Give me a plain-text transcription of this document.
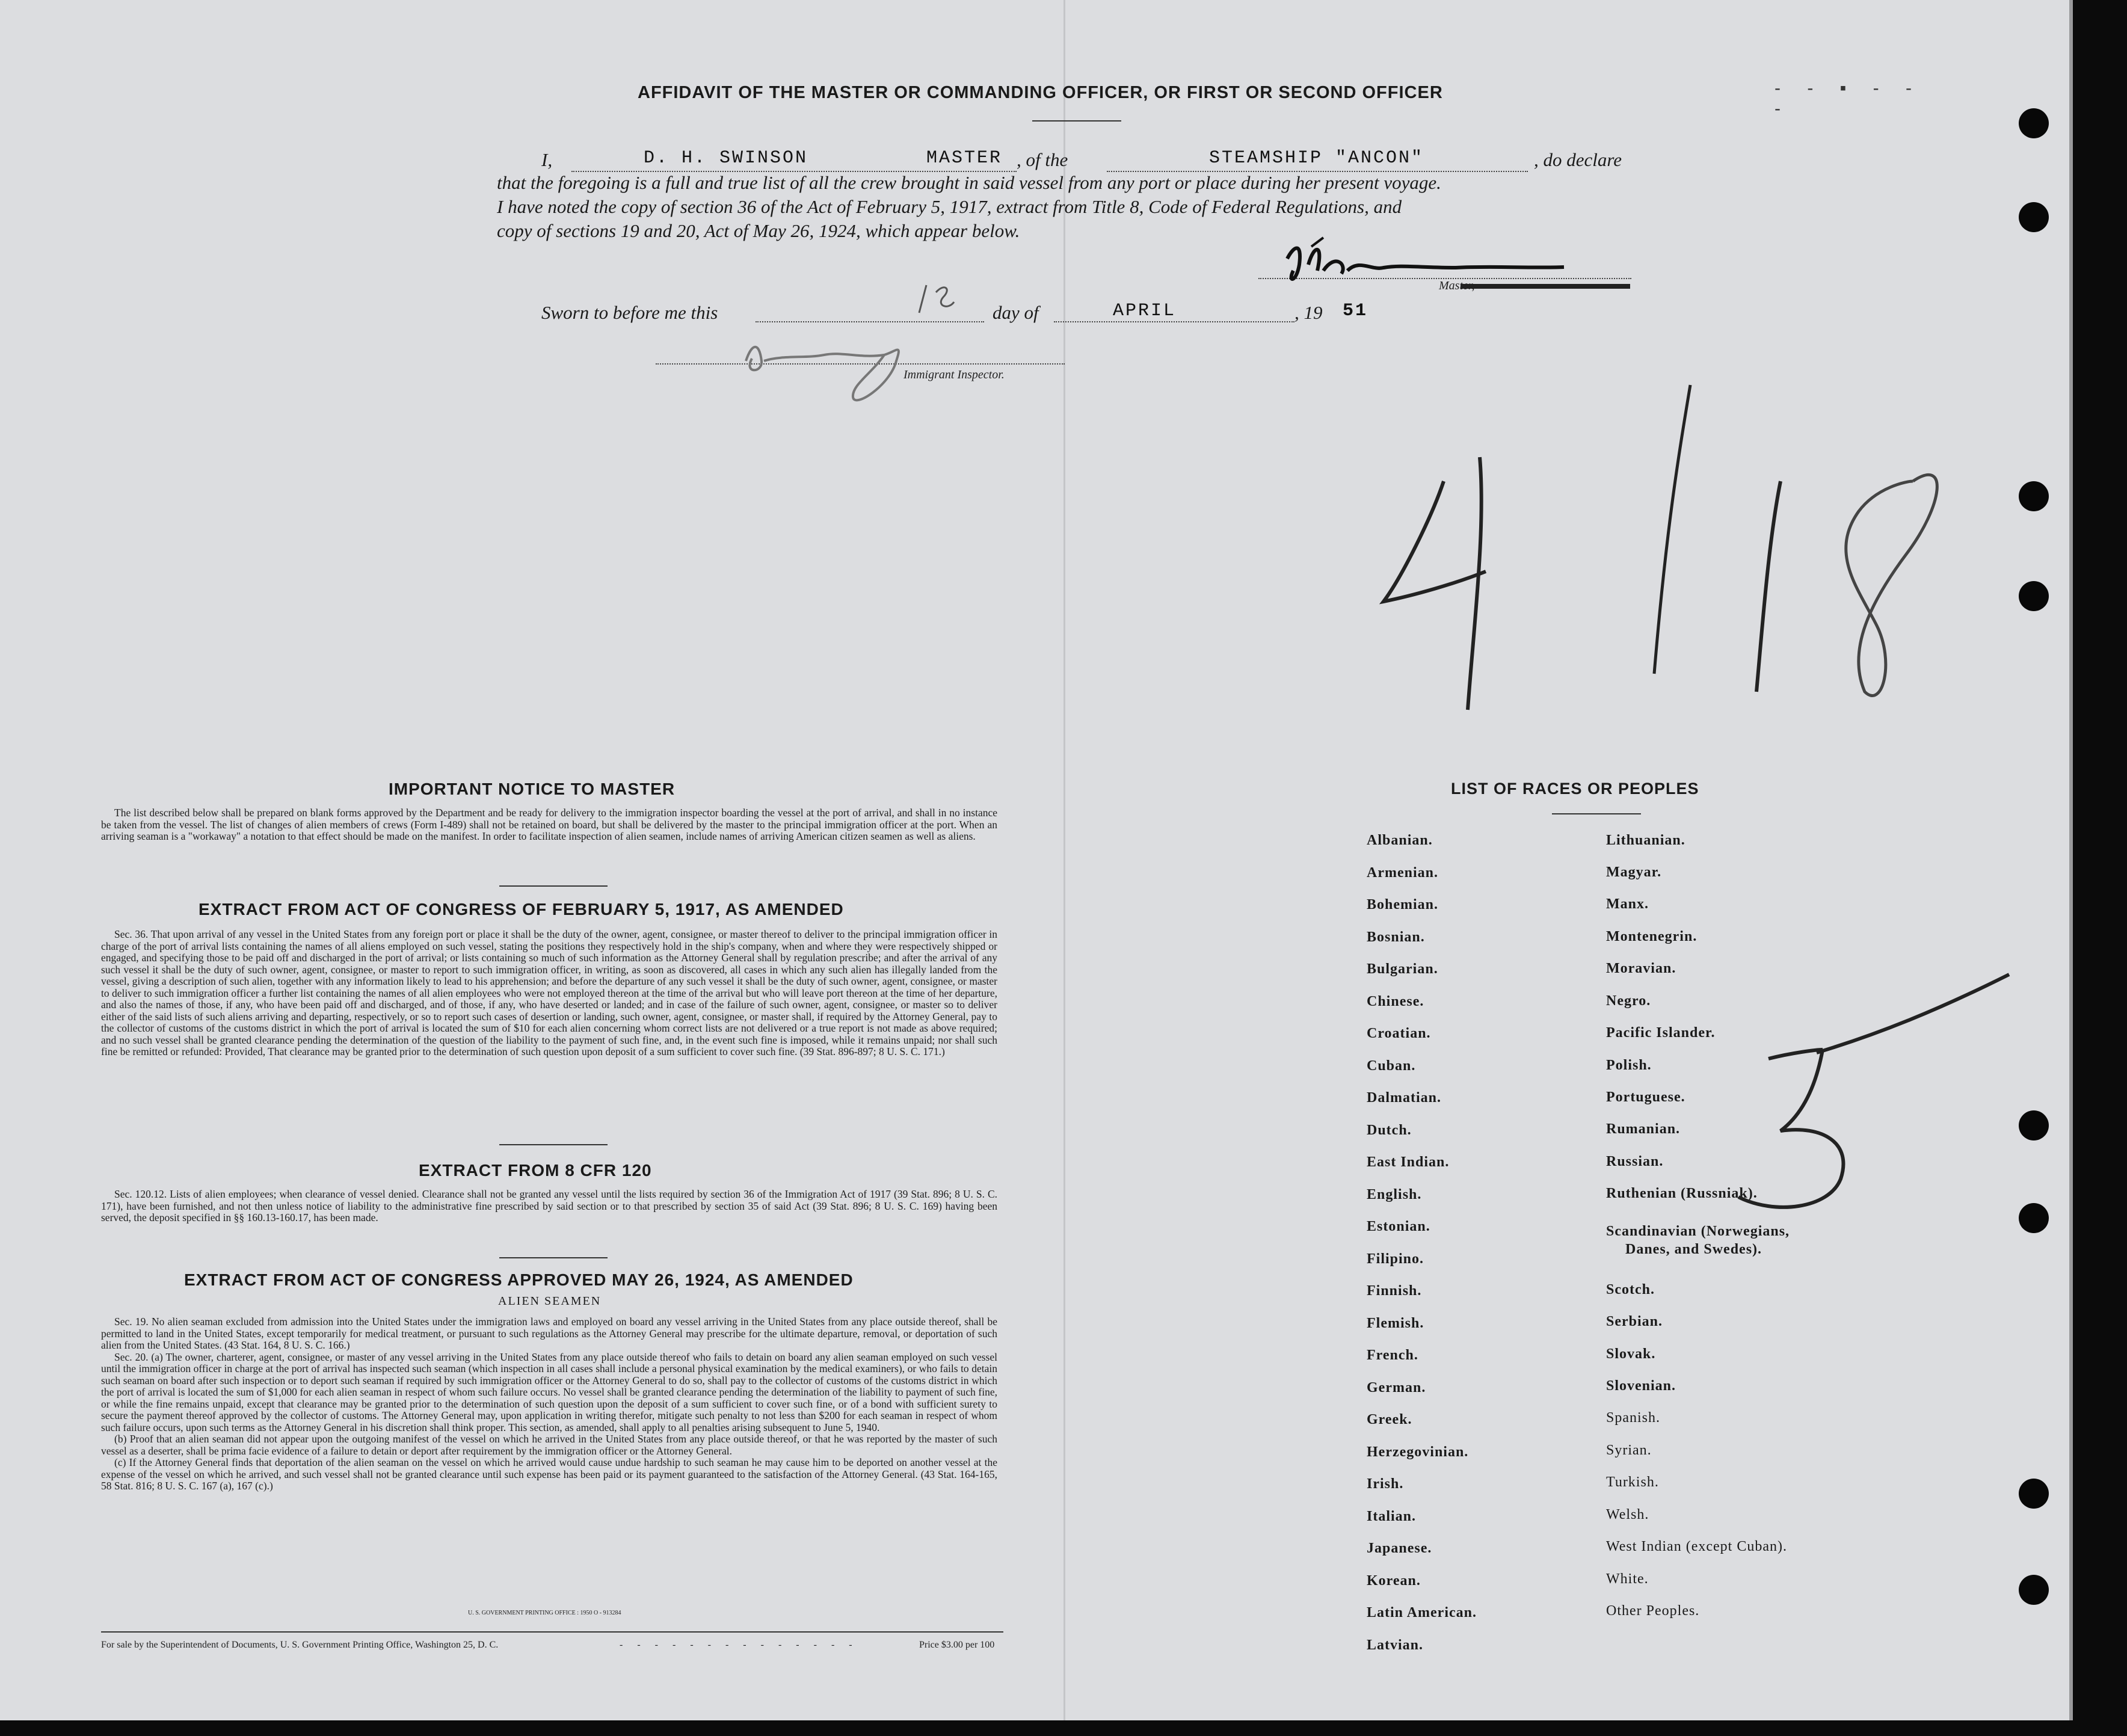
- - ▪ - - -
AFFIDAVIT OF THE MASTER OR COMMANDING OFFICER, OR FIRST OR SECOND OFFICER
I,	D. H. SWINSON	MASTER , of the	STEAMSHIP "ANCON"	, do declare
that the foregoing is a full and true list of all the crew brought in said vessel from any port or place during her present voyage.
I have noted the copy of section 36 of the Act of February 5, 1917, extract from Title 8, Code of Federal Regulations, and
copy of sections 19 and 20, Act of May 26, 1924, which appear below.
Master,
Sworn to before me this	day of	APRIL	, 19 51
Immigrant Inspector.
IMPORTANT NOTICE TO MASTER

The list described below shall be prepared on blank forms approved by the Department and be ready for delivery to the immigration inspector boarding the vessel at the port of arrival, and shall in no instance be taken from the vessel. The list of changes of alien members of crews (Form I-489) shall not be retained on board, but shall be delivered by the master to the principal immigration officer at the port. When an arriving seaman is a "workaway" a notation to that effect should be made on the manifest. In order to facilitate inspection of alien seamen, include names of arriving American citizen seamen as well as aliens.

EXTRACT FROM ACT OF CONGRESS OF FEBRUARY 5, 1917, AS AMENDED

Sec. 36. That upon arrival of any vessel in the United States from any foreign port or place it shall be the duty of the owner, agent, consignee, or master thereof to deliver to the principal immigration officer in charge of the port of arrival lists containing the names of all aliens employed on such vessel, stating the positions they respectively hold in the ship's company, when and where they were respectively shipped or engaged, and specifying those to be paid off and discharged in the port of arrival; or lists containing so much of such information as the Attorney General shall by regulation prescribe; and after the arrival of any such vessel it shall be the duty of such owner, agent, consignee, or master to report to such immigration officer, in writing, as soon as discovered, all cases in which any such alien has illegally landed from the vessel, giving a description of such alien, together with any information likely to lead to his apprehension; and before the departure of any such vessel it shall be the duty of such owner, agent, consignee, or master to deliver to such immigration officer a further list containing the names of all alien employees who were not employed thereon at the time of the arrival but who will leave port thereon at the time of her departure, and also the names of those, if any, who have been paid off and discharged, and of those, if any, who have deserted or landed; and in case of the failure of such owner, agent, consignee, or master so to deliver either of the said lists of such aliens arriving and departing, respectively, or so to report such cases of desertion or landing, such owner, agent, consignee, or master shall, if required by the Attorney General, pay to the collector of customs of the customs district in which the port of arrival is located the sum of $10 for each alien concerning whom correct lists are not delivered or a true report is not made as above required; and no such vessel shall be granted clearance pending the determination of the question of the liability to the payment of such fine, and, in the event such fine is imposed, while it remains unpaid; nor shall such fine be remitted or refunded: Provided, That clearance may be granted prior to the determination of such question upon deposit of a sum sufficient to cover such fine. (39 Stat. 896-897; 8 U. S. C. 171.)

EXTRACT FROM 8 CFR 120

Sec. 120.12. Lists of alien employees; when clearance of vessel denied. Clearance shall not be granted any vessel until the lists required by section 36 of the Immigration Act of 1917 (39 Stat. 896; 8 U. S. C. 171), have been furnished, and not then unless notice of liability to the administrative fine prescribed by said section or to that prescribed by section 35 of said Act (39 Stat. 896; 8 U. S. C. 169) having been served, the deposit specified in §§ 160.13-160.17, has been made.

EXTRACT FROM ACT OF CONGRESS APPROVED MAY 26, 1924, AS AMENDED
ALIEN SEAMEN

Sec. 19. No alien seaman excluded from admission into the United States under the immigration laws and employed on board any vessel arriving in the United States from any place outside thereof, shall be permitted to land in the United States, except temporarily for medical treatment, or pursuant to such regulations as the Attorney General may prescribe for the ultimate departure, removal, or deportation of such alien from the United States. (43 Stat. 164, 8 U. S. C. 166.)

Sec. 20. (a) The owner, charterer, agent, consignee, or master of any vessel arriving in the United States from any place outside thereof who fails to detain on board any alien seaman employed on such vessel until the immigration officer in charge at the port of arrival has inspected such seaman (which inspection in all cases shall include a personal physical examination by the medical examiners), or who fails to detain such seaman on board after such inspection or to deport such seaman if required by such immigration officer or the Attorney General to do so, shall pay to the collector of customs of the customs district in which the port of arrival is located the sum of $1,000 for each alien seaman in respect of whom such failure occurs. No vessel shall be granted clearance pending the determination of the liability to payment of such fine, or while the fine remains unpaid, except that clearance may be granted prior to the determination of such question upon the deposit of a sum sufficient to cover such fine, or of a bond with sufficient surety to secure the payment thereof approved by the collector of customs. The Attorney General may, upon application in writing therefor, mitigate such penalty to not less than $200 for each seaman in respect of whom such failure occurs, upon such terms as the Attorney General in his discretion shall think proper. This section, as amended, shall apply to all penalties arising subsequent to June 5, 1940.

(b) Proof that an alien seaman did not appear upon the outgoing manifest of the vessel on which he arrived in the United States from any place outside thereof, or that he was reported by the master of such vessel as a deserter, shall be prima facie evidence of a failure to detain or deport after requirement by the immigration officer or the Attorney General.

(c) If the Attorney General finds that deportation of the alien seaman on the vessel on which he arrived would cause undue hardship to such seaman he may cause him to be deported on another vessel at the expense of the vessel on which he arrived, and such vessel shall not be granted clearance until such expense has been paid or its payment guaranteed to the satisfaction of the Attorney General. (43 Stat. 164-165, 58 Stat. 816; 8 U. S. C. 167 (a), 167 (c).)

U. S. GOVERNMENT PRINTING OFFICE : 1950 O - 913284
For sale by the Superintendent of Documents, U. S. Government Printing Office, Washington 25, D. C.	- - - - - - - - - - - - - -	Price $3.00 per 100
LIST OF RACES OR PEOPLES
Albanian.
Armenian.
Bohemian.
Bosnian.
Bulgarian.
Chinese.
Croatian.
Cuban.
Dalmatian.
Dutch.
East Indian.
English.
Estonian.
Filipino.
Finnish.
Flemish.
French.
German.
Greek.
Herzegovinian.
Irish.
Italian.
Japanese.
Korean.
Latin American.
Latvian.
Lithuanian.
Magyar.
Manx.
Montenegrin.
Moravian.
Negro.
Pacific Islander.
Polish.
Portuguese.
Rumanian.
Russian.
Ruthenian (Russniak).
Scandinavian (Norwegians,
Danes, and Swedes).
Scotch.
Serbian.
Slovak.
Slovenian.
Spanish.
Syrian.
Turkish.
Welsh.
West Indian (except Cuban).
White.
Other Peoples.
